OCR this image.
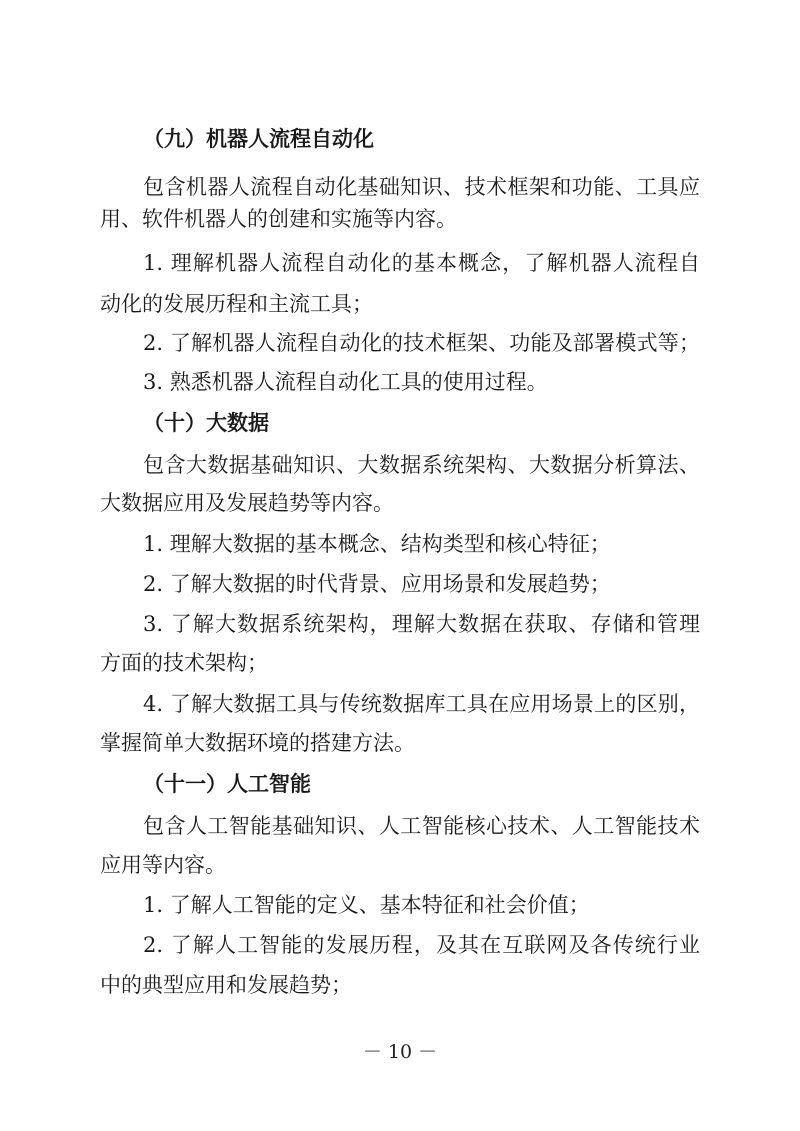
（九）机器人流程自动化
包含机器人流程自动化基础知识、技术框架和功能、工具应
用、软件机器人的创建和实施等内容。
1. 理解机器人流程自动化的基本概念，了解机器人流程自
动化的发展历程和主流工具；
2. 了解机器人流程自动化的技术框架、功能及部署模式等；
3. 熟悉机器人流程自动化工具的使用过程。
（十）大数据
包含大数据基础知识、大数据系统架构、大数据分析算法、
大数据应用及发展趋势等内容。
1. 理解大数据的基本概念、结构类型和核心特征；
2. 了解大数据的时代背景、应用场景和发展趋势；
3. 了解大数据系统架构，理解大数据在获取、存储和管理
方面的技术架构；
4. 了解大数据工具与传统数据库工具在应用场景上的区别，
掌握简单大数据环境的搭建方法。
（十一）人工智能
包含人工智能基础知识、人工智能核心技术、人工智能技术
应用等内容。
1. 了解人工智能的定义、基本特征和社会价值；
2. 了解人工智能的发展历程，及其在互联网及各传统行业
中的典型应用和发展趋势；
－ 10 －
